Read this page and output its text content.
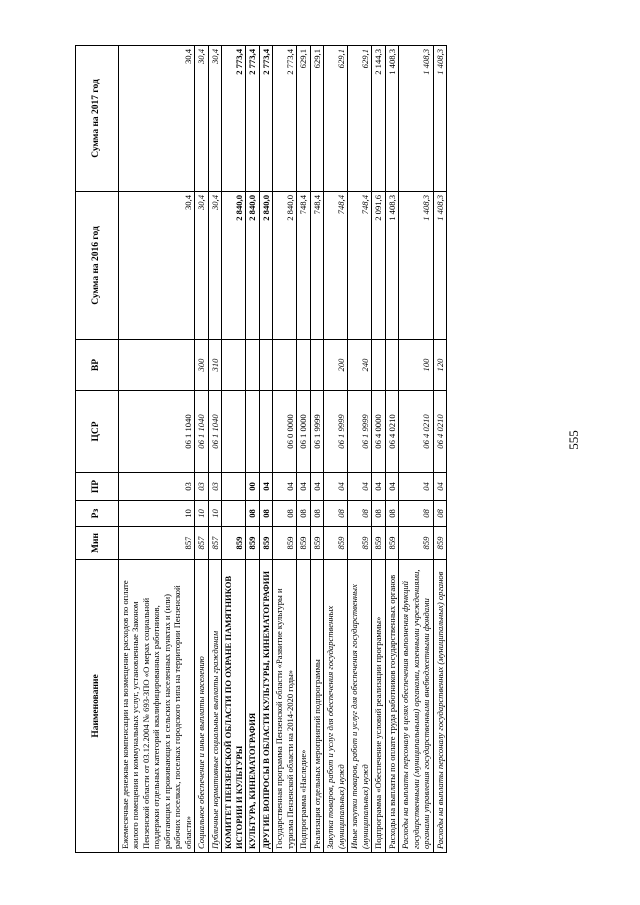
555
Наименование	Мин	Рз	ПР	ЦСР	ВР	Сумма на 2016 год	Сумма на 2017 год
Ежемесячные денежные компенсации на возмещение расходов по оплате жилого помещения и коммунальных услуг, установленные Законом Пензенской области от 03.12.2004 № 693-ЗПО «О мерах социальной поддержки отдельных категорий квалифицированных работников, работающих и проживающих в сельских населенных пунктах и (или) рабочих поселках, поселках городского типа на территории Пензенской области»	857	10	03	06 1 1040		30,4	30,4
Социальное обеспечение и иные выплаты населению	857	10	03	06 1 1040	300	30,4	30,4
Публичные нормативные социальные выплаты гражданам	857	10	03	06 1 1040	310	30,4	30,4
КОМИТЕТ ПЕНЗЕНСКОЙ ОБЛАСТИ ПО ОХРАНЕ ПАМЯТНИКОВ ИСТОРИИ И КУЛЬТУРЫ	859					2 840,0	2 773,4
КУЛЬТУРА, КИНЕМАТОГРАФИЯ	859	08	00			2 840,0	2 773,4
ДРУГИЕ ВОПРОСЫ В ОБЛАСТИ КУЛЬТУРЫ, КИНЕМАТОГРАФИИ	859	08	04			2 840,0	2 773,4
Государственная программа Пензенской области «Развитие культуры и туризма Пензенской области на 2014-2020 годы»	859	08	04	06 0 0000		2 840,0	2 773,4
Подпрограмма «Наследие»	859	08	04	06 1 0000		748,4	629,1
Реализация отдельных мероприятий подпрограммы	859	08	04	06 1 9999		748,4	629,1
Закупка товаров, работ и услуг для обеспечения государственных (муниципальных) нужд	859	08	04	06 1 9999	200	748,4	629,1
Иные закупки товаров, работ и услуг для обеспечения государственных (муниципальных) нужд	859	08	04	06 1 9999	240	748,4	629,1
Подпрограмма «Обеспечение условий реализации программы»	859	08	04	06 4 0000		2 091,6	2 144,3
Расходы на выплаты по оплате труда работников государственных органов	859	08	04	06 4 0210		1 408,3	1 408,3
Расходы на выплаты персоналу в целях обеспечения выполнения функций государственными (муниципальными) органами, казенными учреждениями, органами управления государственными внебюджетными фондами	859	08	04	06 4 0210	100	1 408,3	1 408,3
Расходы на выплаты персоналу государственных (муниципальных) органов	859	08	04	06 4 0210	120	1 408,3	1 408,3
